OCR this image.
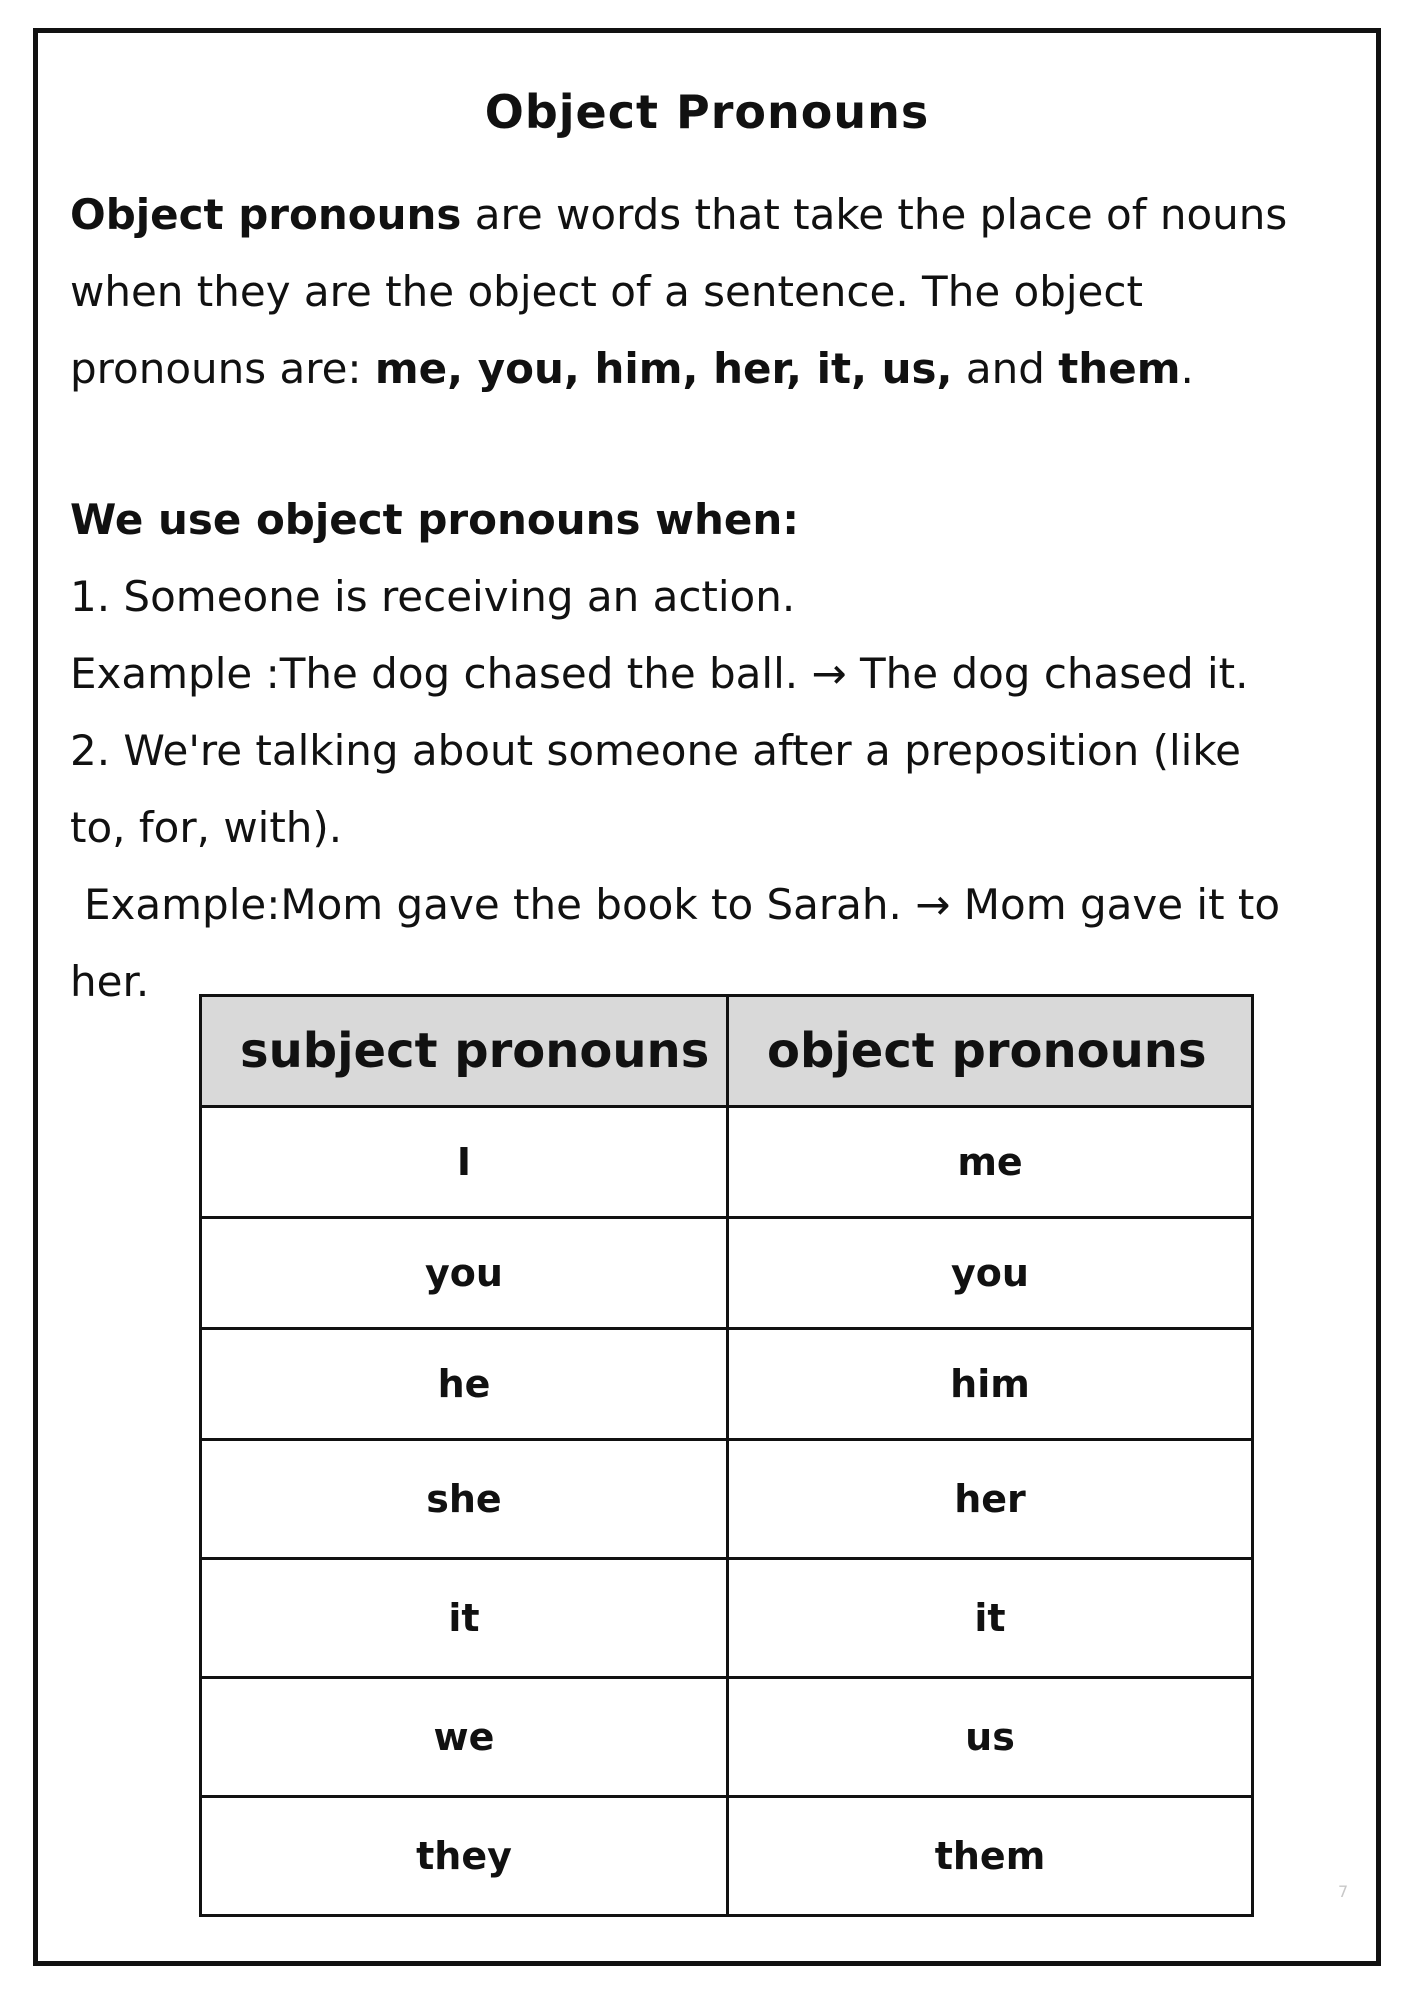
Object Pronouns

Object pronouns are words that take the place of nouns
when they are the object of a sentence. The object
pronouns are: me, you, him, her, it, us, and them.

We use object pronouns when:
1. Someone is receiving an action.
Example :The dog chased the ball. → The dog chased it.
2. We're talking about someone after a preposition (like
to, for, with).
Example:Mom gave the book to Sarah. → Mom gave it to
her.
subject pronouns	object pronouns
I	me
you	you
he	him
she	her
it	it
we	us
they	them
7
